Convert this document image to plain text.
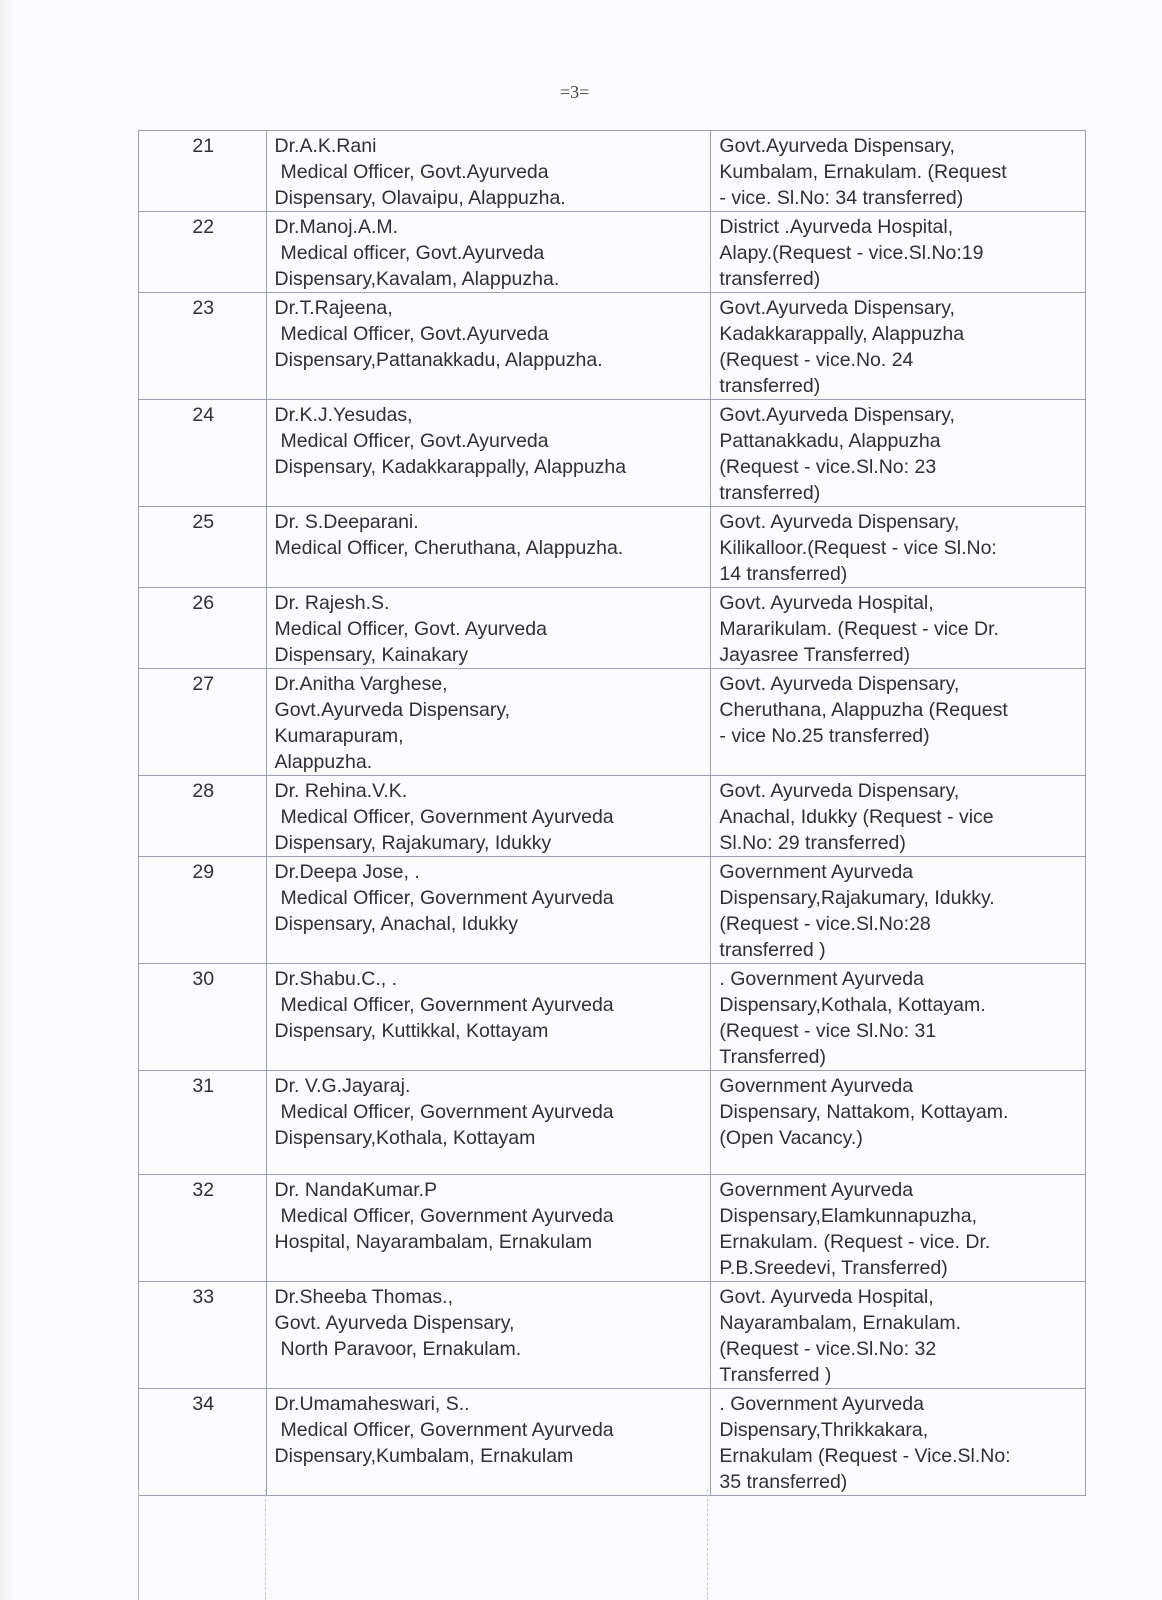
=3=
21	Dr.A.K.Rani
Medical Officer, Govt.Ayurveda
Dispensary, Olavaipu, Alappuzha.	Govt.Ayurveda Dispensary,
Kumbalam, Ernakulam. (Request
- vice. Sl.No: 34 transferred)

22	Dr.Manoj.A.M.
Medical officer, Govt.Ayurveda
Dispensary,Kavalam, Alappuzha.	District .Ayurveda Hospital,
Alapy.(Request - vice.Sl.No:19
transferred)

23	Dr.T.Rajeena,
Medical Officer, Govt.Ayurveda
Dispensary,Pattanakkadu, Alappuzha.	Govt.Ayurveda Dispensary,
Kadakkarappally, Alappuzha
(Request - vice.No. 24
transferred)

24	Dr.K.J.Yesudas,
Medical Officer, Govt.Ayurveda
Dispensary, Kadakkarappally, Alappuzha	Govt.Ayurveda Dispensary,
Pattanakkadu, Alappuzha
(Request - vice.Sl.No: 23
transferred)

25	Dr. S.Deeparani.
Medical Officer, Cheruthana, Alappuzha.	Govt. Ayurveda Dispensary,
Kilikalloor.(Request - vice Sl.No:
14 transferred)

26	Dr. Rajesh.S.
Medical Officer, Govt. Ayurveda
Dispensary, Kainakary	Govt. Ayurveda Hospital,
Mararikulam. (Request - vice Dr.
Jayasree Transferred)

27	Dr.Anitha Varghese,
Govt.Ayurveda Dispensary,
Kumarapuram,
Alappuzha.	Govt. Ayurveda Dispensary,
Cheruthana, Alappuzha (Request
- vice No.25 transferred)

28	Dr. Rehina.V.K.
Medical Officer, Government Ayurveda
Dispensary, Rajakumary, Idukky	Govt. Ayurveda Dispensary,
Anachal, Idukky (Request - vice
Sl.No: 29 transferred)

29	Dr.Deepa Jose, .
Medical Officer, Government Ayurveda
Dispensary, Anachal, Idukky	Government Ayurveda
Dispensary,Rajakumary, Idukky.
(Request - vice.Sl.No:28
transferred )

30	Dr.Shabu.C., .
Medical Officer, Government Ayurveda
Dispensary, Kuttikkal, Kottayam	. Government Ayurveda
Dispensary,Kothala, Kottayam.
(Request - vice Sl.No: 31
Transferred)

31	Dr. V.G.Jayaraj.
Medical Officer, Government Ayurveda
Dispensary,Kothala, Kottayam	Government Ayurveda
Dispensary, Nattakom, Kottayam.
(Open Vacancy.)

32	Dr. NandaKumar.P
Medical Officer, Government Ayurveda
Hospital, Nayarambalam, Ernakulam	Government Ayurveda
Dispensary,Elamkunnapuzha,
Ernakulam. (Request - vice. Dr.
P.B.Sreedevi, Transferred)

33	Dr.Sheeba Thomas.,
Govt. Ayurveda Dispensary,
North Paravoor, Ernakulam.	Govt. Ayurveda Hospital,
Nayarambalam, Ernakulam.
(Request - vice.Sl.No: 32
Transferred )

34	Dr.Umamaheswari, S..
Medical Officer, Government Ayurveda
Dispensary,Kumbalam, Ernakulam	. Government Ayurveda
Dispensary,Thrikkakara,
Ernakulam (Request - Vice.Sl.No:
35 transferred)
